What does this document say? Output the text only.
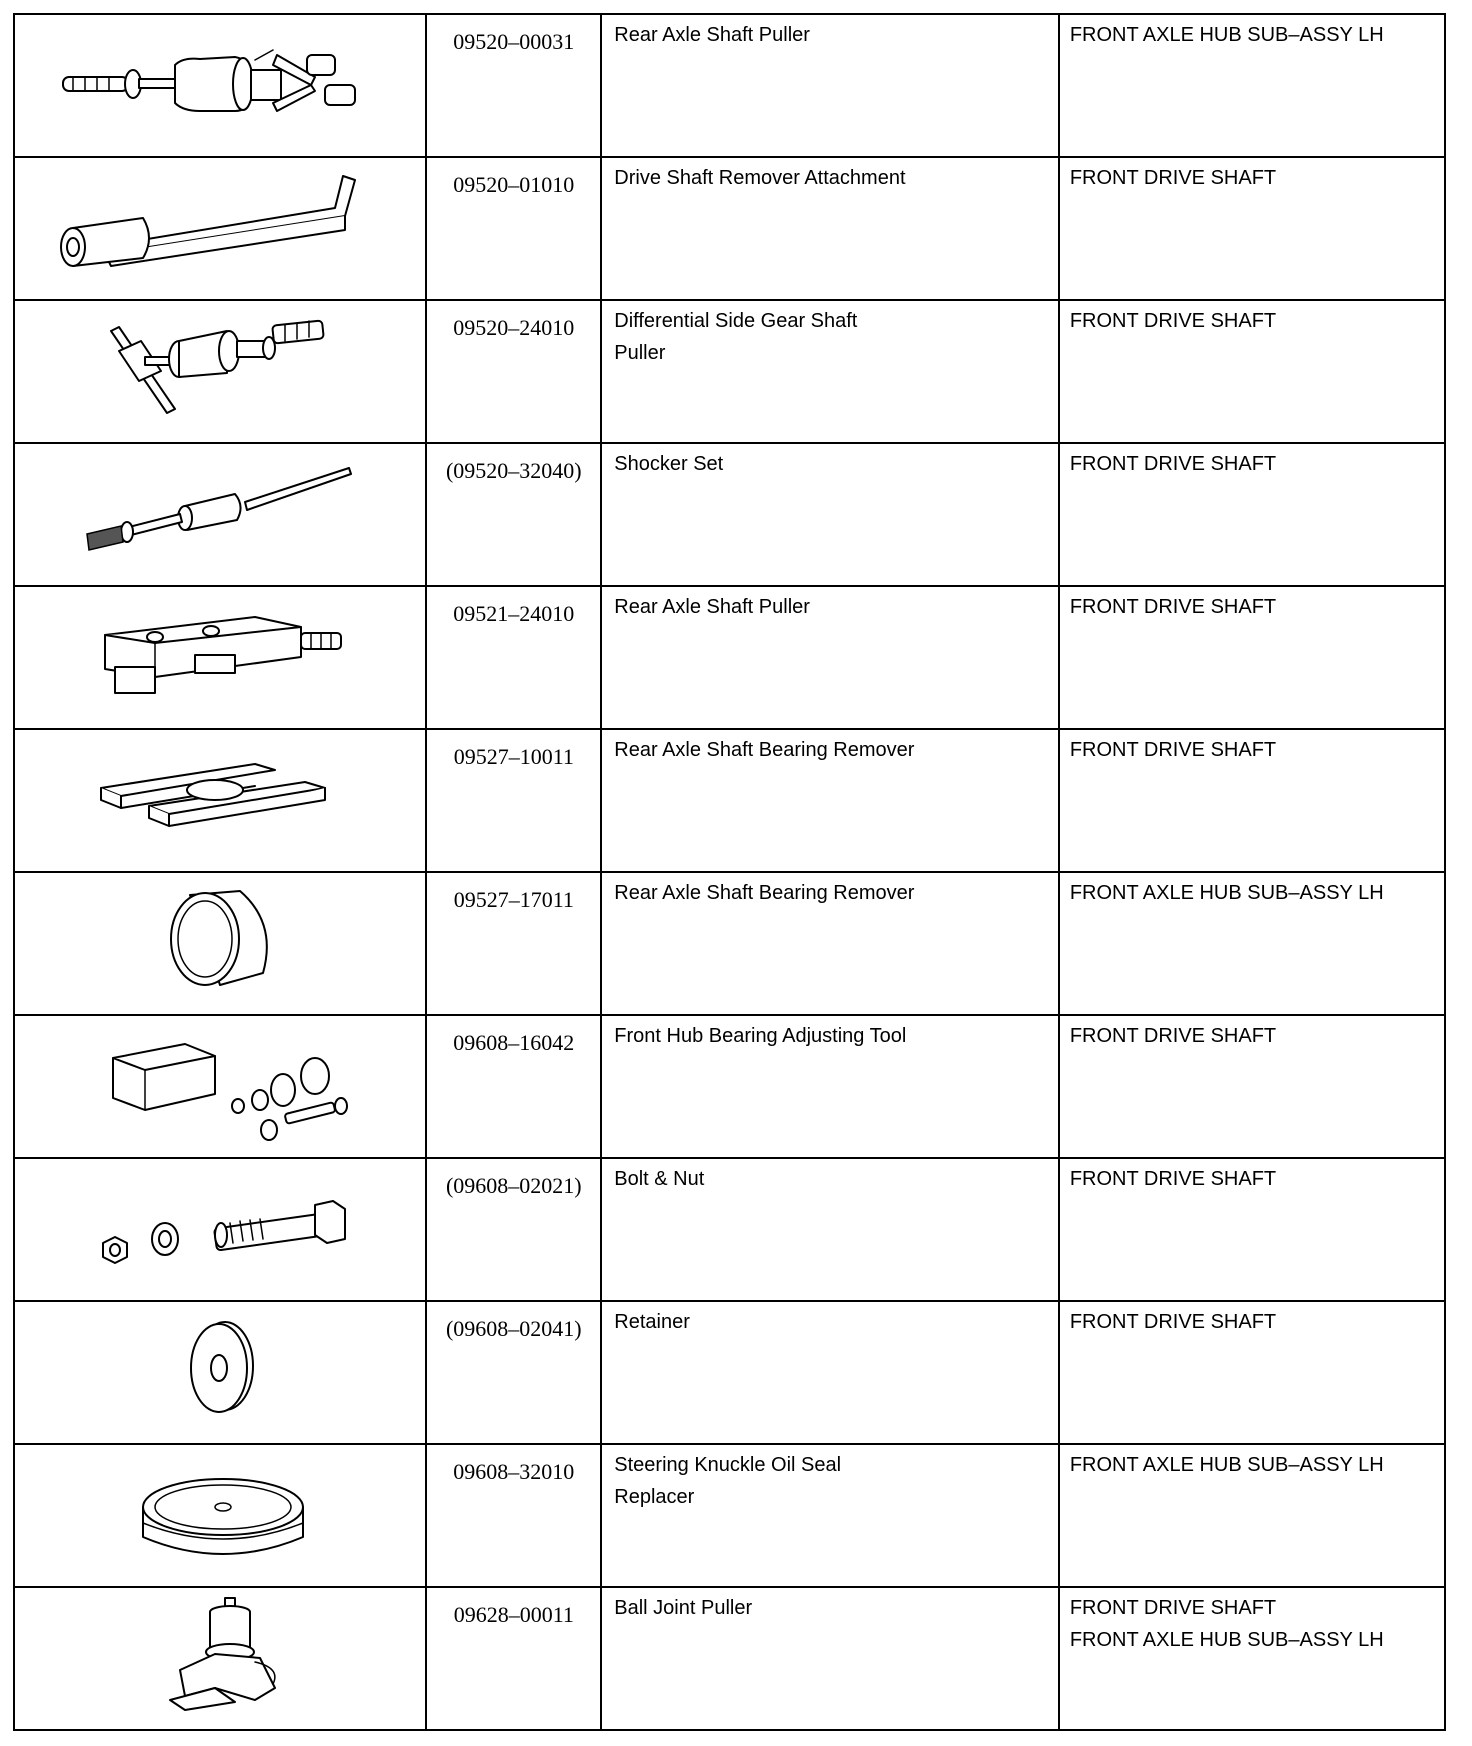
09520–00031	Rear Axle Shaft Puller	FRONT AXLE HUB SUB–ASSY LH

09520–01010	Drive Shaft Remover Attachment	FRONT DRIVE SHAFT

09520–24010	Differential Side Gear Shaft
Puller	FRONT DRIVE SHAFT

(09520–32040)	Shocker Set	FRONT DRIVE SHAFT

09521–24010	Rear Axle Shaft Puller	FRONT DRIVE SHAFT

09527–10011	Rear Axle Shaft Bearing Remover	FRONT DRIVE SHAFT

09527–17011	Rear Axle Shaft Bearing Remover	FRONT AXLE HUB SUB–ASSY LH

09608–16042	Front Hub Bearing Adjusting Tool	FRONT DRIVE SHAFT

(09608–02021)	Bolt & Nut	FRONT DRIVE SHAFT

(09608–02041)	Retainer	FRONT DRIVE SHAFT

09608–32010	Steering Knuckle Oil Seal
Replacer	FRONT AXLE HUB SUB–ASSY LH

09628–00011	Ball Joint Puller	FRONT DRIVE SHAFT
FRONT AXLE HUB SUB–ASSY LH
